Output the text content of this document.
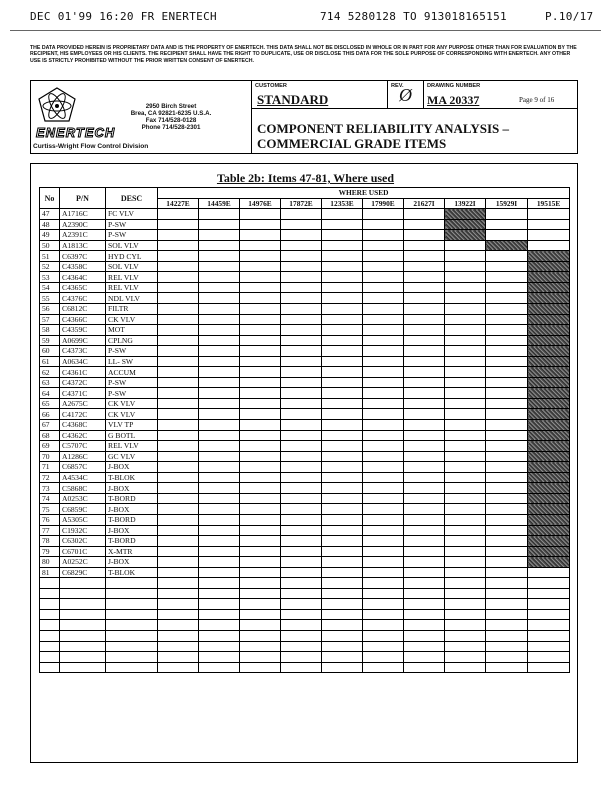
DEC 01'99 16:20 FR ENERTECH	714 5280128 TO 913018165151	P.10/17
THE DATA PROVIDED HEREIN IS PROPRIETARY DATA AND IS THE PROPERTY OF ENERTECH. THIS DATA SHALL NOT BE DISCLOSED IN WHOLE OR IN PART FOR ANY PURPOSE OTHER THAN FOR EVALUATION BY THE RECIPIENT, HIS EMPLOYEES OR HIS CLIENTS. THE RECIPIENT SHALL HAVE THE RIGHT TO DUPLICATE, USE OR DISCLOSE THIS DATA FOR THE SOLE PURPOSE OF CORRESPONDING WITH ENERTECH. ANY OTHER USE IS STRICTLY PROHIBITED WITHOUT THE PRIOR WRITTEN CONSENT OF ENERTECH.
ENERTECH
Curtiss-Wright Flow Control Division
2950 Birch Street
Brea, CA 92821-6235 U.S.A.
Fax 714/528-0128
Phone 714/528-2301
CUSTOMER
STANDARD
REV.
Ø	DRAWING NUMBER
MA 20337	Page 9 of 16
COMPONENT RELIABILITY ANALYSIS –
COMMERCIAL GRADE ITEMS
Table 2b: Items 47-81, Where used
No	P/N	DESC	WHERE USED									
			14227E	14459E	14976E	17872E	12353E	17990E	21627I	13922I	15929I	19515E
47	A1716C	FC VLV										
48	A2390C	P-SW										
49	A2391C	P-SW										
50	A1813C	SOL VLV										
51	C6397C	HYD CYL										
52	C4358C	SOL VLV										
53	C4364C	REL VLV										
54	C4365C	REL VLV										
55	C4376C	NDL VLV										
56	C6812C	FILTR										
57	C4366C	CK VLV										
58	C4359C	MOT										
59	A0699C	CPLNG										
60	C4373C	P-SW										
61	A0634C	LL- SW										
62	C4361C	ACCUM										
63	C4372C	P-SW										
64	C4371C	P-SW										
65	A2675C	CK VLV										
66	C4172C	CK VLV										
67	C4368C	VLV TP										
68	C4362C	G BOTL										
69	C5707C	REL VLV										
70	A1286C	GC VLV										
71	C6857C	J-BOX										
72	A4534C	T-BLOK										
73	C5868C	J-BOX										
74	A0253C	T-BORD										
75	C6859C	J-BOX										
76	A5305C	T-BORD										
77	C1932C	J-BOX										
78	C6302C	T-BORD										
79	C6701C	X-MTR										
80	A0252C	J-BOX										
81	C6829C	T-BLOK										
